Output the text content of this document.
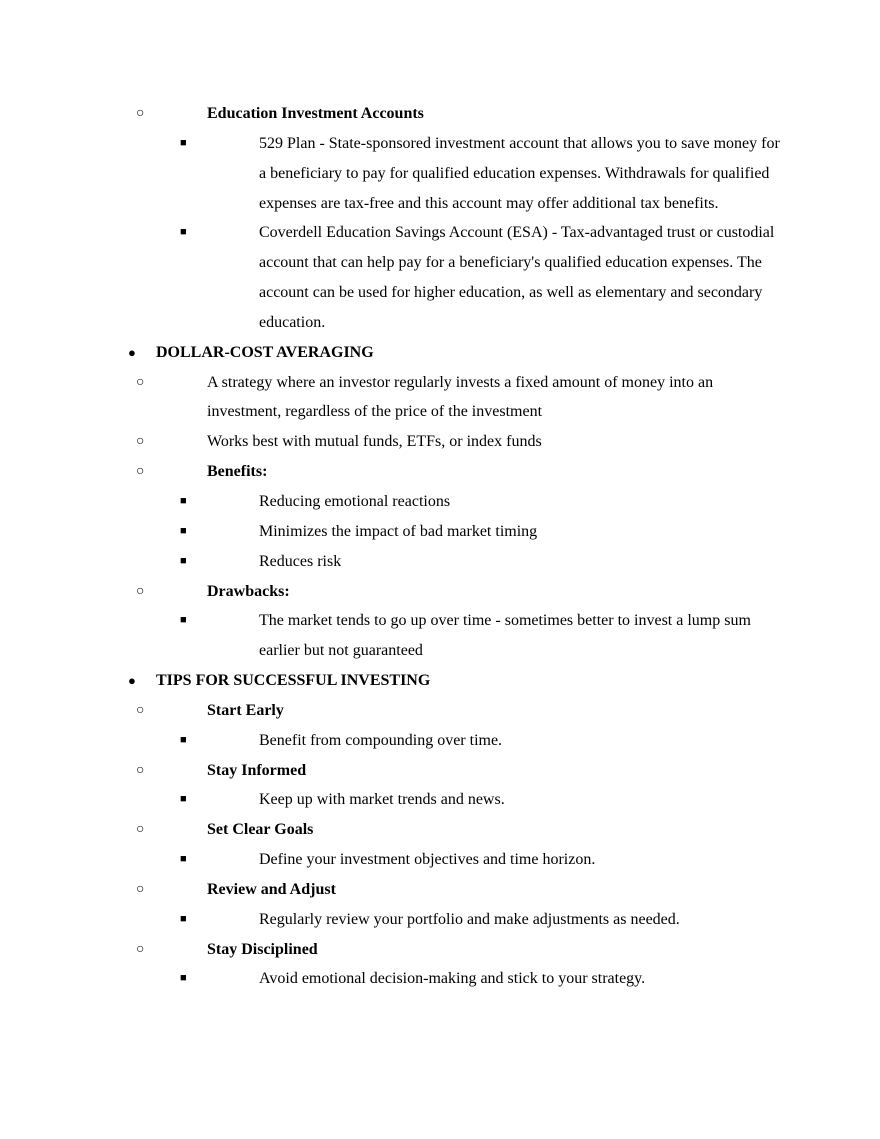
○	Education Investment Accounts
■	529 Plan - State-sponsored investment account that allows you to save money for a beneficiary to pay for qualified education expenses. Withdrawals for qualified expenses are tax-free and this account may offer additional tax benefits.
■	Coverdell Education Savings Account (ESA) - Tax-advantaged trust or custodial account that can help pay for a beneficiary's qualified education expenses. The account can be used for higher education, as well as elementary and secondary education.
● DOLLAR-COST AVERAGING
○	A strategy where an investor regularly invests a fixed amount of money into an investment, regardless of the price of the investment
○	Works best with mutual funds, ETFs, or index funds
○	Benefits:
■	Reducing emotional reactions
■	Minimizes the impact of bad market timing
■	Reduces risk
○	Drawbacks:
■	The market tends to go up over time - sometimes better to invest a lump sum earlier but not guaranteed
● TIPS FOR SUCCESSFUL INVESTING
○	Start Early
■	Benefit from compounding over time.
○	Stay Informed
■	Keep up with market trends and news.
○	Set Clear Goals
■	Define your investment objectives and time horizon.
○	Review and Adjust
■	Regularly review your portfolio and make adjustments as needed.
○	Stay Disciplined
■	Avoid emotional decision-making and stick to your strategy.
